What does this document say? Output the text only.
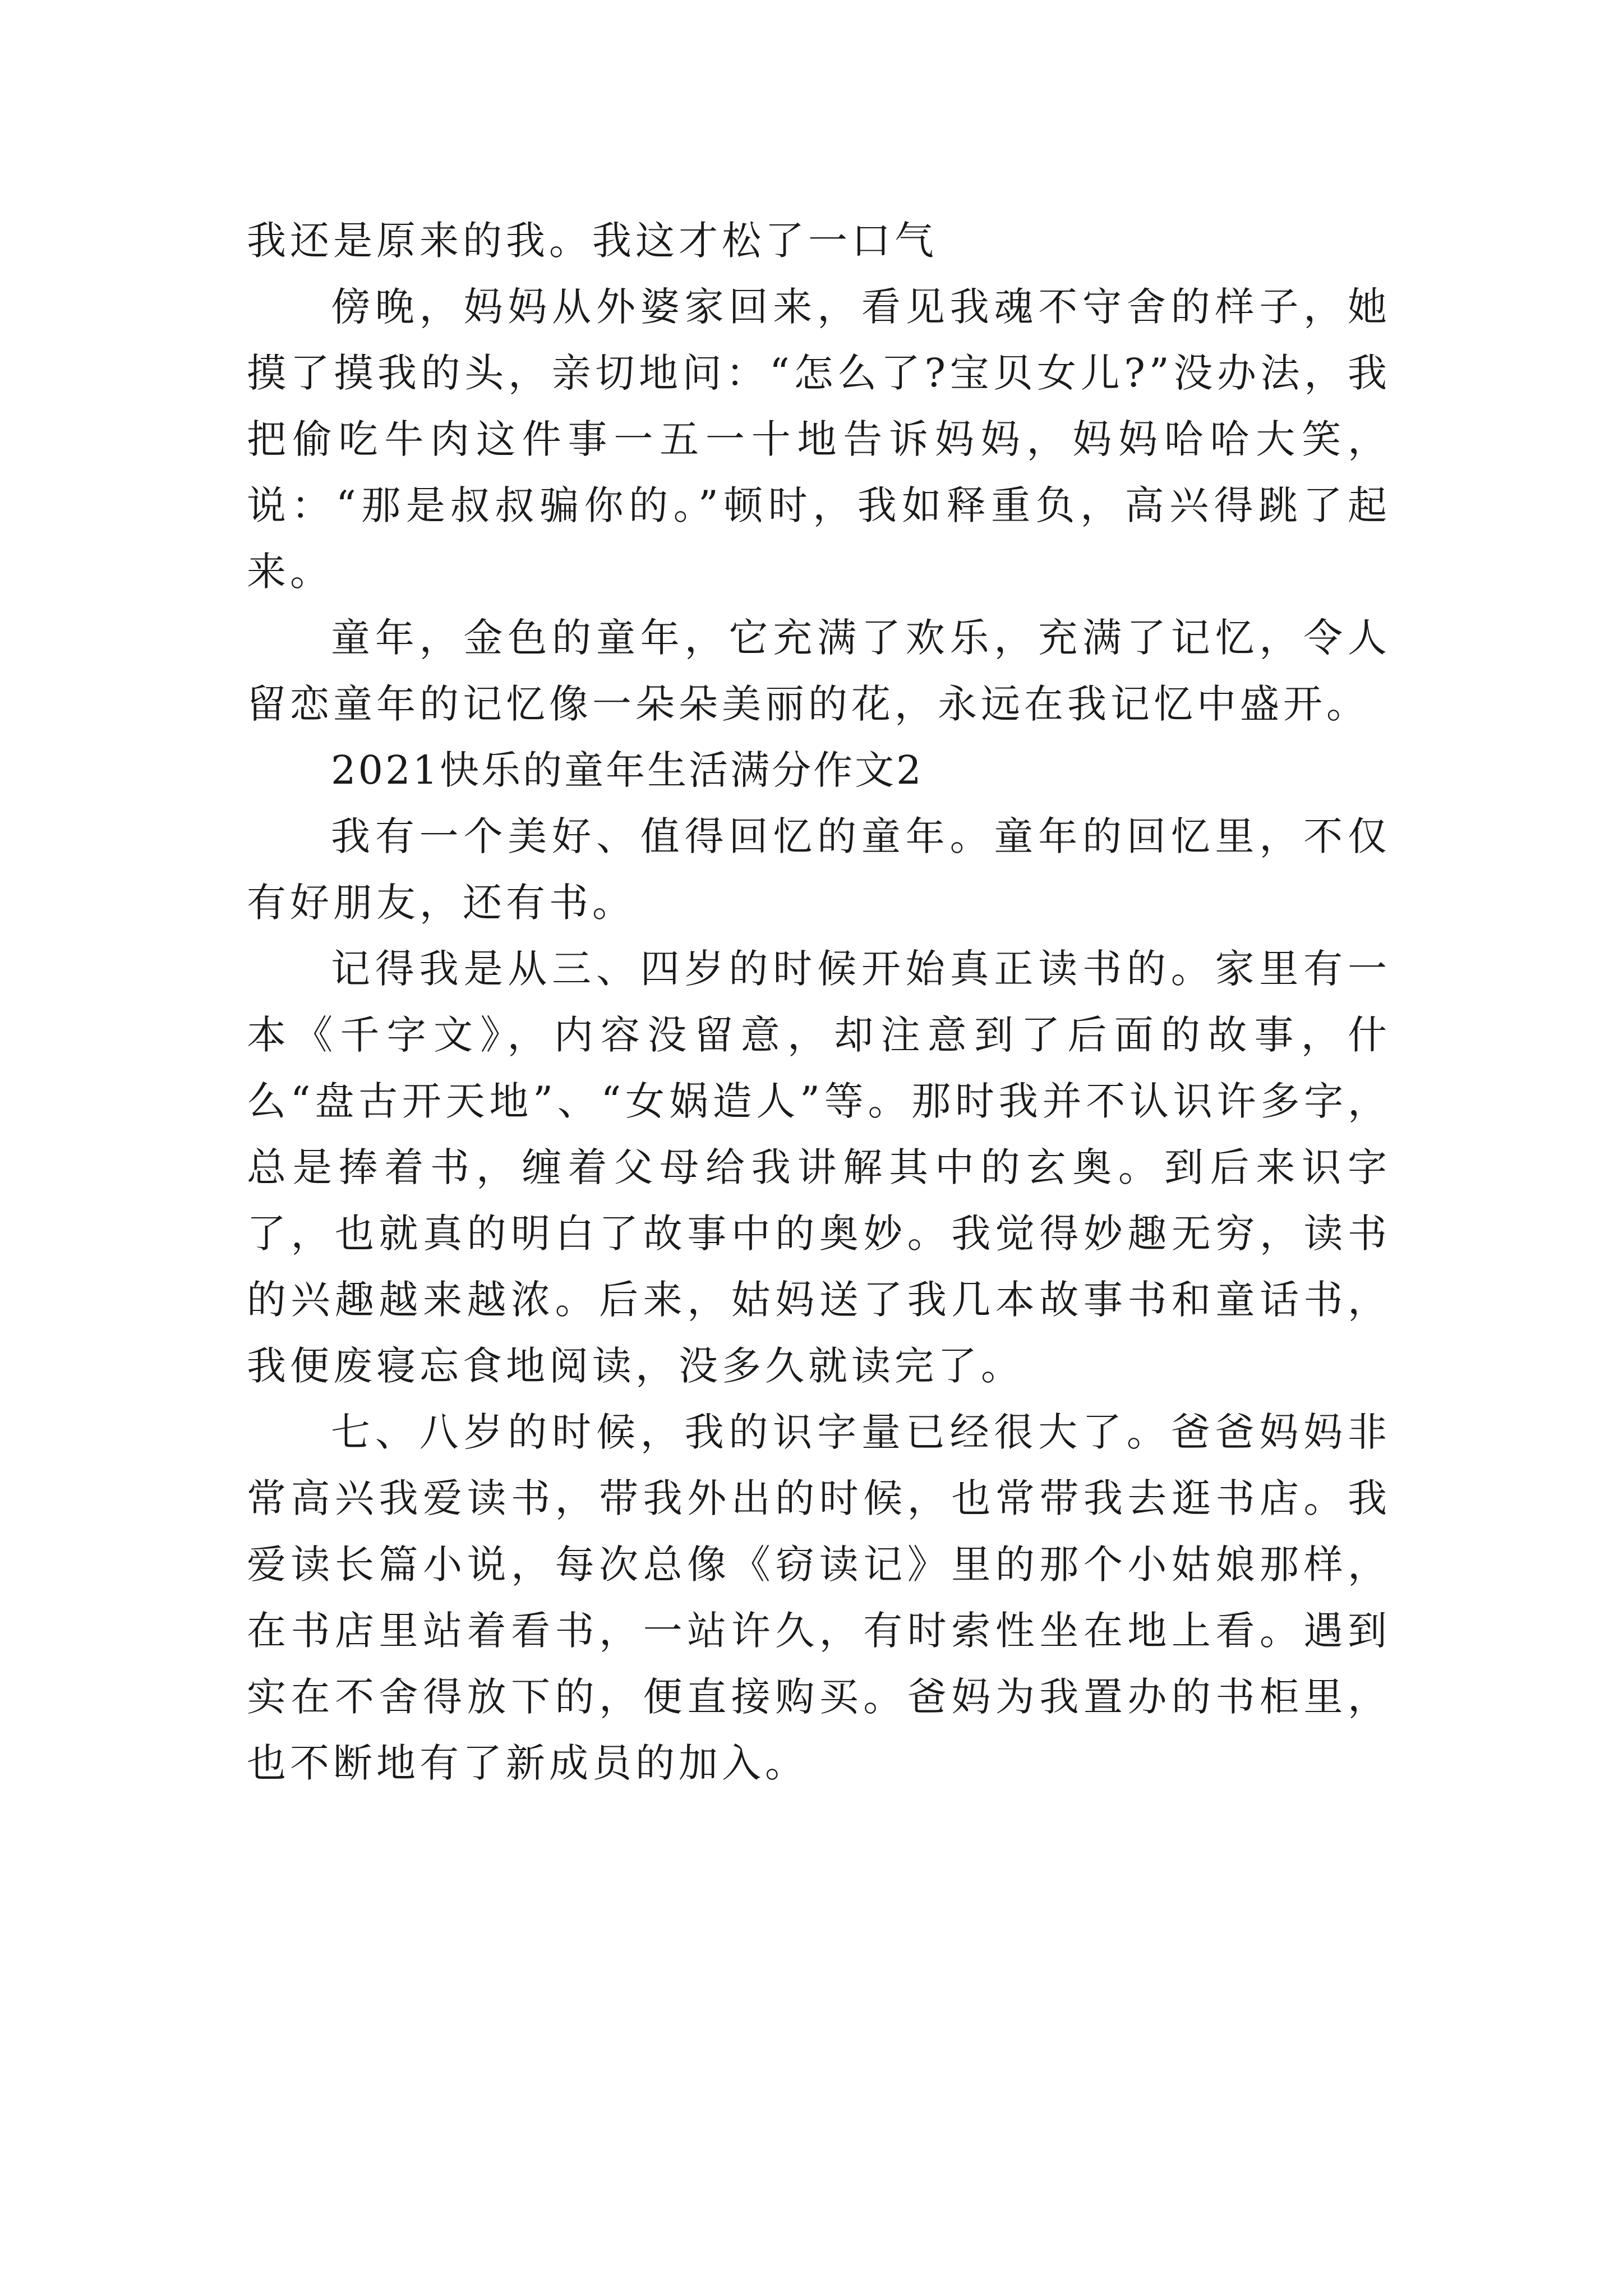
我还是原来的我。我这才松了一口气

傍晚，妈妈从外婆家回来，看见我魂不守舍的样子，她摸了摸我的头，亲切地问：“怎么了?宝贝女儿?”没办法，我把偷吃牛肉这件事一五一十地告诉妈妈，妈妈哈哈大笑，说：“那是叔叔骗你的。”顿时，我如释重负，高兴得跳了起来。

童年，金色的童年，它充满了欢乐，充满了记忆，令人留恋童年的记忆像一朵朵美丽的花，永远在我记忆中盛开。

2021快乐的童年生活满分作文2

我有一个美好、值得回忆的童年。童年的回忆里，不仅有好朋友，还有书。

记得我是从三、四岁的时候开始真正读书的。家里有一本《千字文》，内容没留意，却注意到了后面的故事，什么“盘古开天地”、“女娲造人”等。那时我并不认识许多字，总是捧着书，缠着父母给我讲解其中的玄奥。到后来识字了，也就真的明白了故事中的奥妙。我觉得妙趣无穷，读书的兴趣越来越浓。后来，姑妈送了我几本故事书和童话书，我便废寝忘食地阅读，没多久就读完了。

七、八岁的时候，我的识字量已经很大了。爸爸妈妈非常高兴我爱读书，带我外出的时候，也常带我去逛书店。我爱读长篇小说，每次总像《窃读记》里的那个小姑娘那样，在书店里站着看书，一站许久，有时索性坐在地上看。遇到实在不舍得放下的，便直接购买。爸妈为我置办的书柜里，也不断地有了新成员的加入。
